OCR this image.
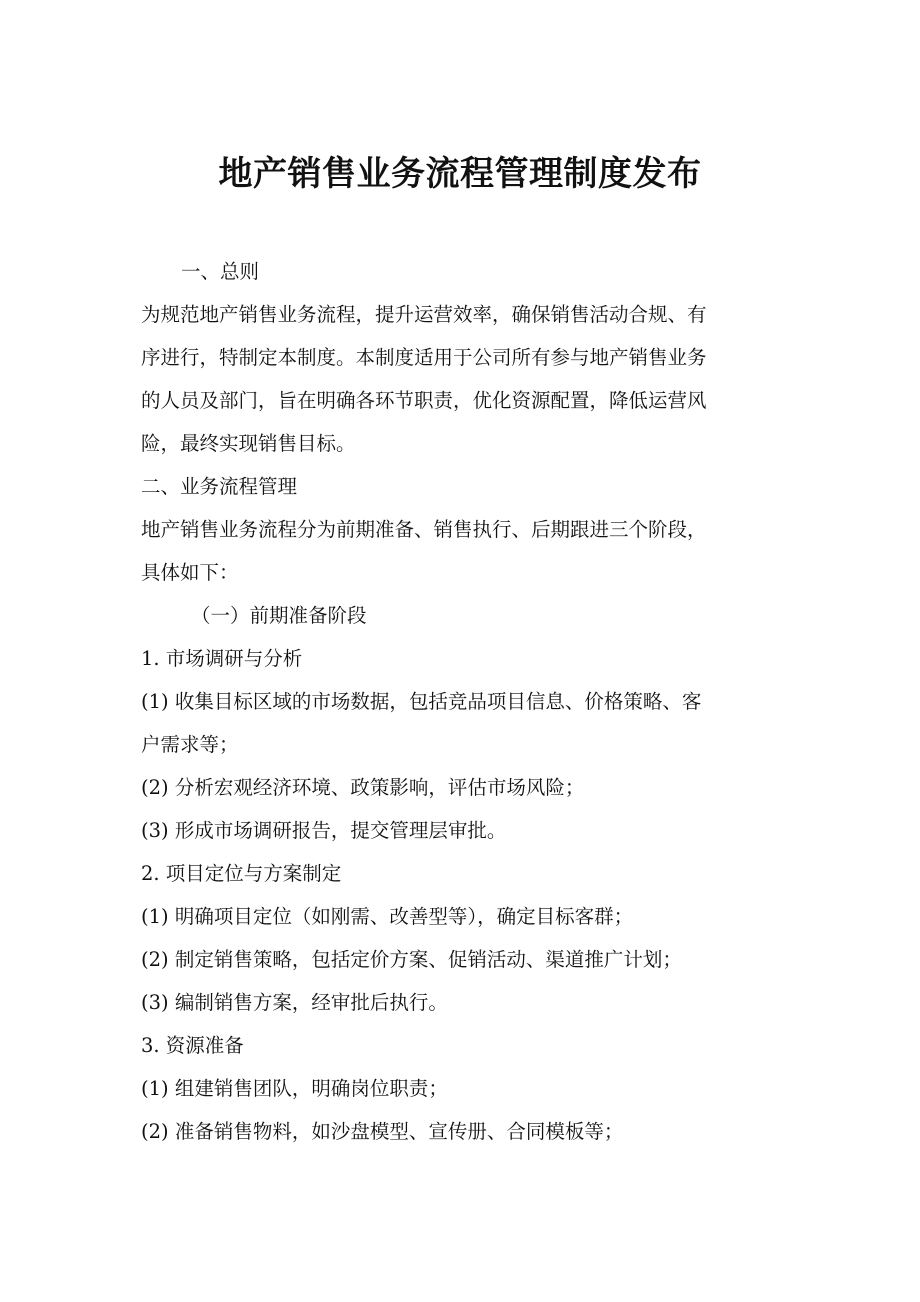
地产销售业务流程管理制度发布
一、总则
为规范地产销售业务流程，提升运营效率，确保销售活动合规、有
序进行，特制定本制度。本制度适用于公司所有参与地产销售业务
的人员及部门，旨在明确各环节职责，优化资源配置，降低运营风
险，最终实现销售目标。
二、业务流程管理
地产销售业务流程分为前期准备、销售执行、后期跟进三个阶段，
具体如下：
（一）前期准备阶段
1. 市场调研与分析
(1) 收集目标区域的市场数据，包括竞品项目信息、价格策略、客
户需求等；
(2) 分析宏观经济环境、政策影响，评估市场风险；
(3) 形成市场调研报告，提交管理层审批。
2. 项目定位与方案制定
(1) 明确项目定位（如刚需、改善型等），确定目标客群；
(2) 制定销售策略，包括定价方案、促销活动、渠道推广计划；
(3) 编制销售方案，经审批后执行。
3. 资源准备
(1) 组建销售团队，明确岗位职责；
(2) 准备销售物料，如沙盘模型、宣传册、合同模板等；
